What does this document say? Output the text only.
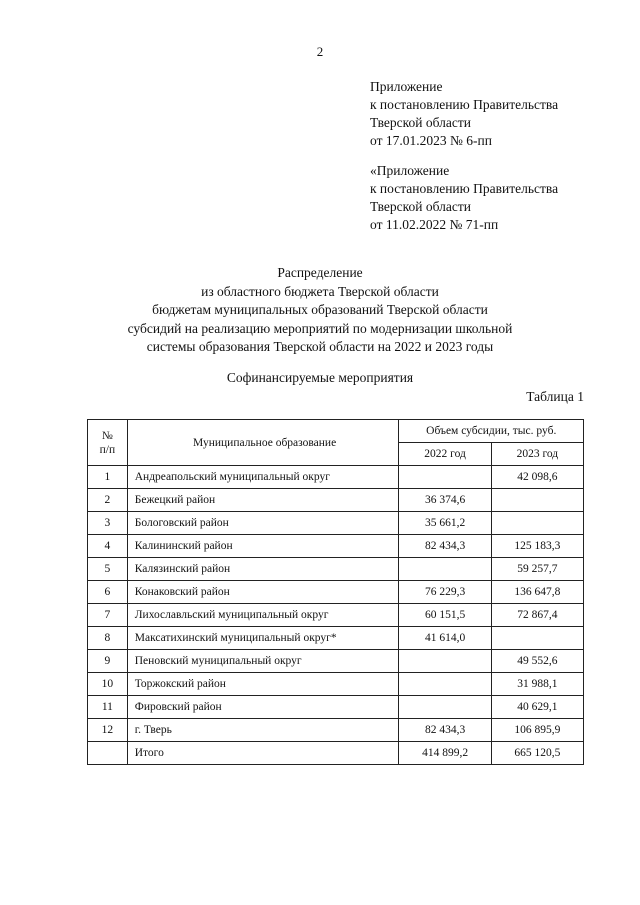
2
Приложение
к постановлению Правительства
Тверской области
от 17.01.2023 № 6-пп
«Приложение
к постановлению Правительства
Тверской области
от 11.02.2022 № 71-пп
Распределение
из областного бюджета Тверской области
бюджетам муниципальных образований Тверской области
субсидий на реализацию мероприятий по модернизации школьной
системы образования Тверской области на 2022 и 2023 годы
Софинансируемые мероприятия
Таблица 1
№
п/п	Муниципальное образование	Объем субсидии, тыс. руб.	
		2022 год	2023 год
1	Андреапольский муниципальный округ		42 098,6
2	Бежецкий район	36 374,6	
3	Бологовский район	35 661,2	
4	Калининский район	82 434,3	125 183,3
5	Калязинский район		59 257,7
6	Конаковский район	76 229,3	136 647,8
7	Лихославльский муниципальный округ	60 151,5	72 867,4
8	Максатихинский муниципальный округ*	41 614,0	
9	Пеновский муниципальный округ		49 552,6
10	Торжокский район		31 988,1
11	Фировский район		40 629,1
12	г. Тверь	82 434,3	106 895,9
	Итого	414 899,2	665 120,5
